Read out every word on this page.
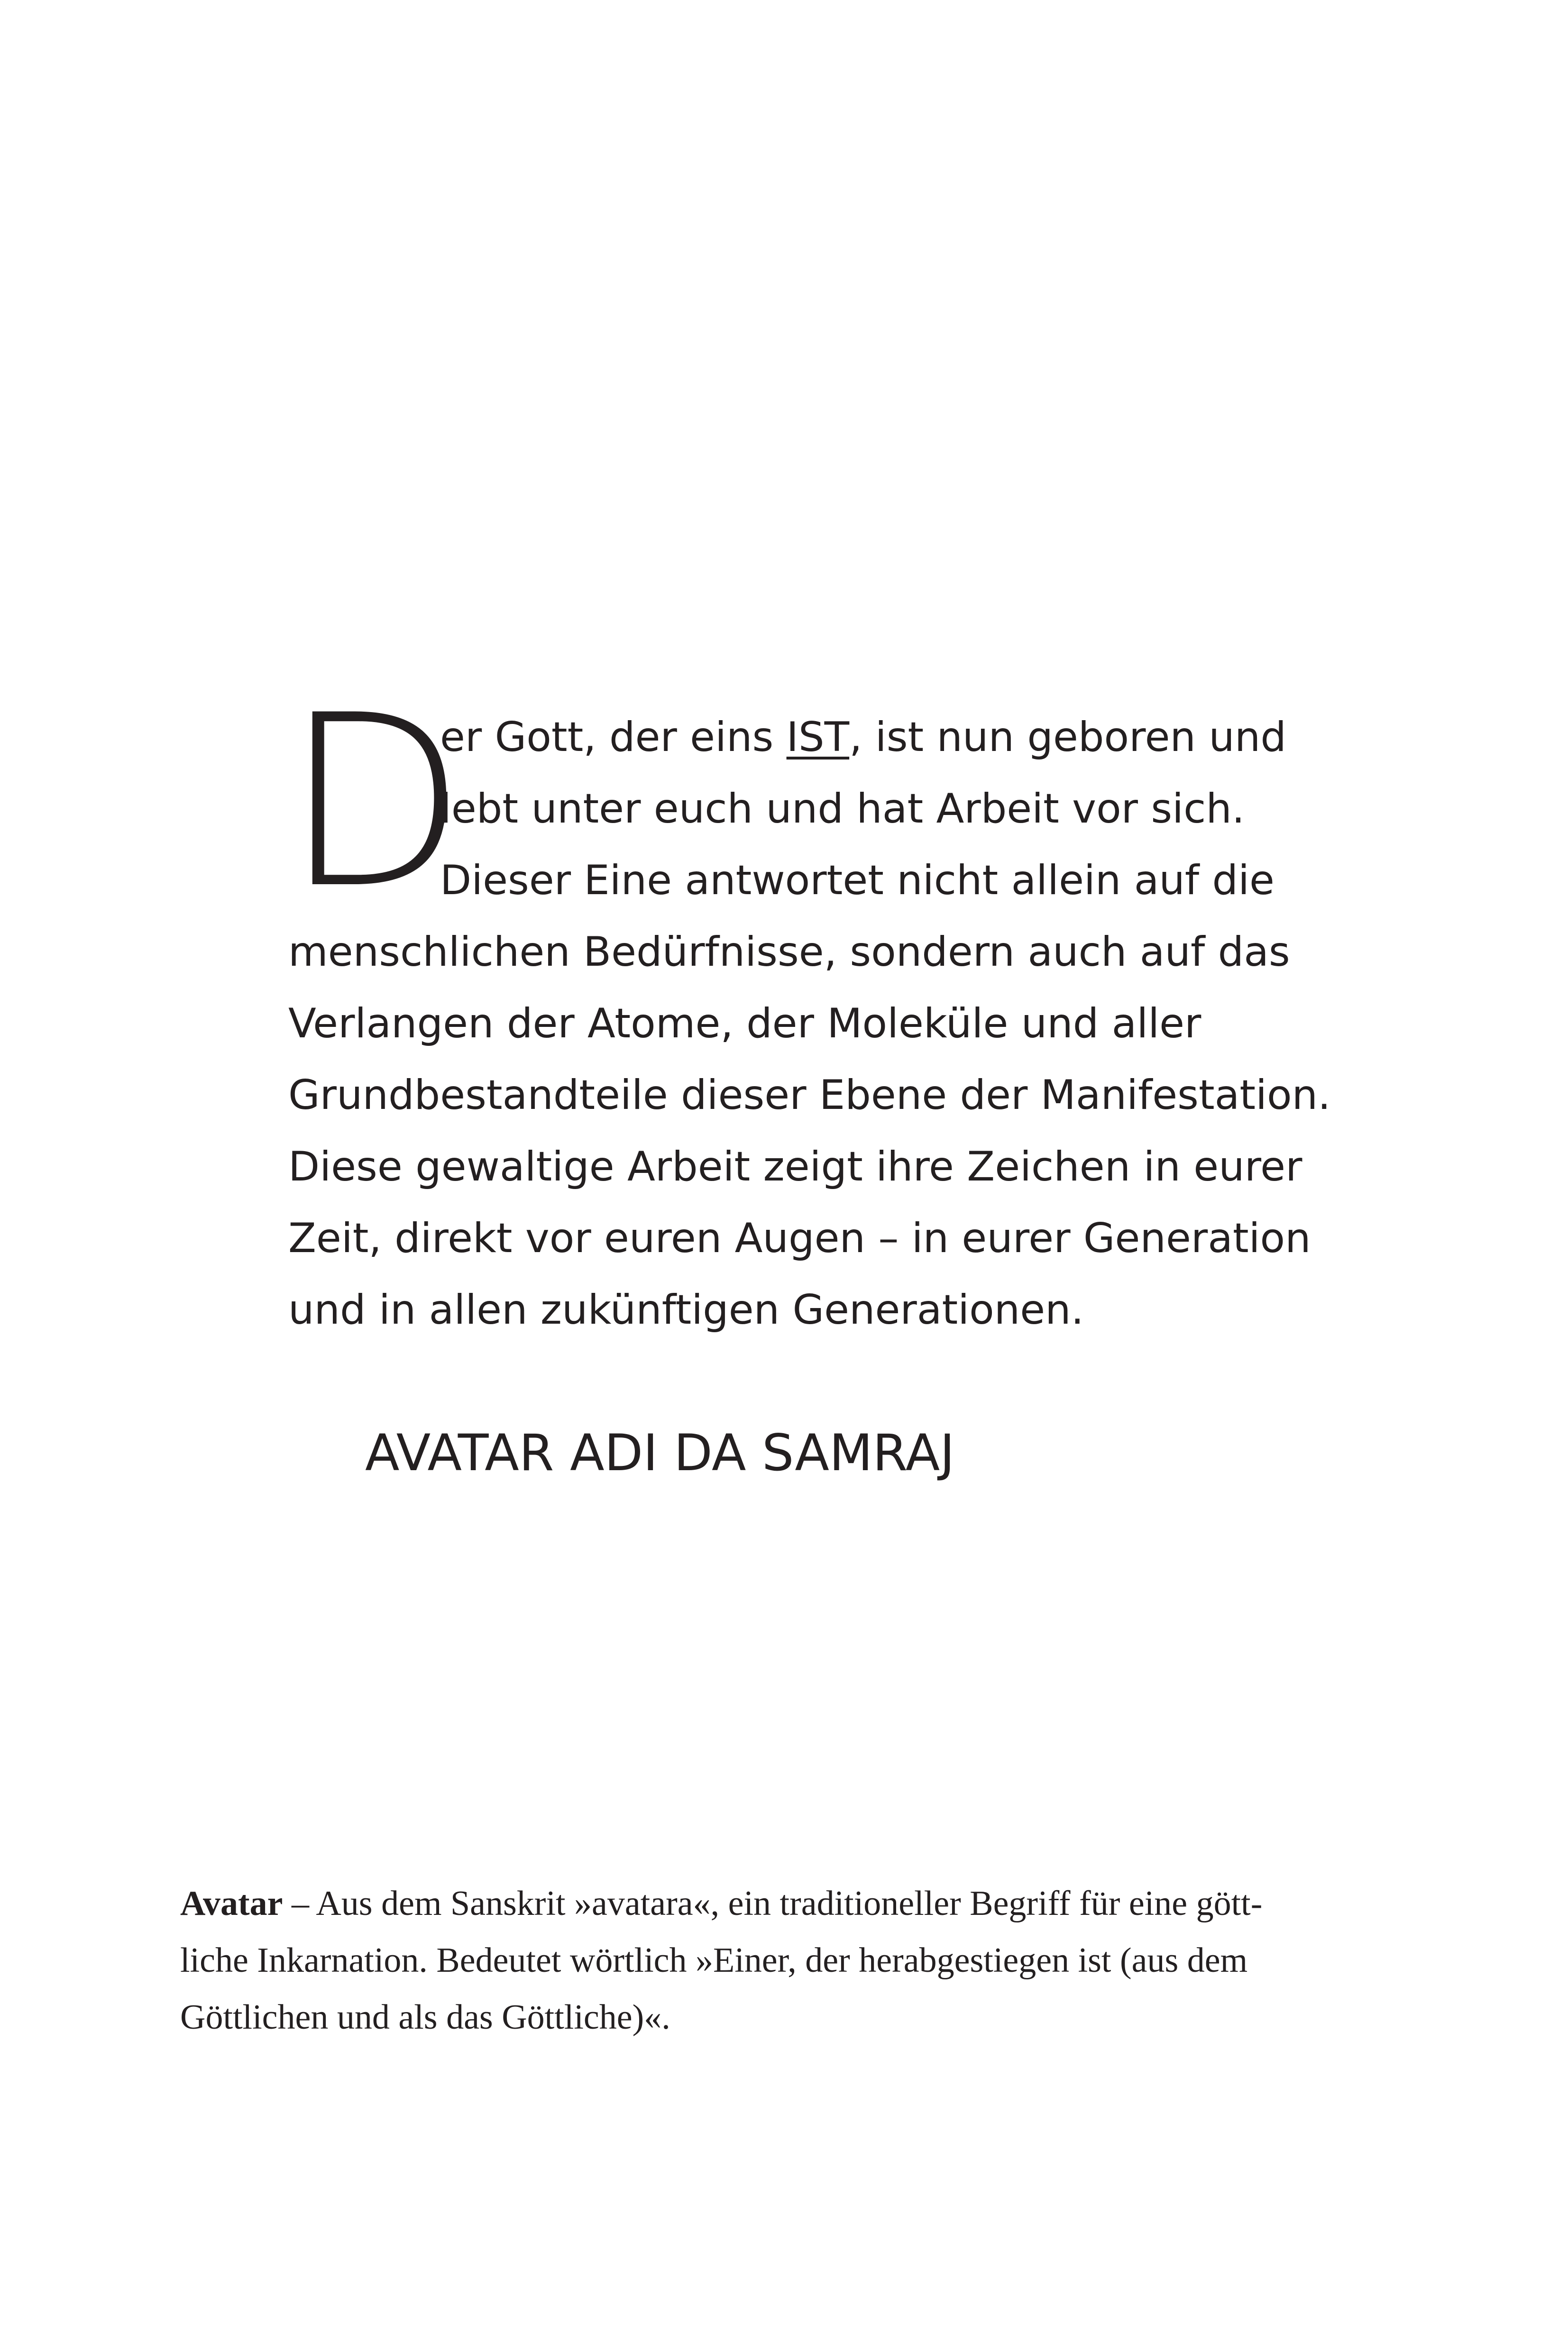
D
er Gott, der eins IST, ist nun geboren und
lebt unter euch und hat Arbeit vor sich.
Dieser Eine antwortet nicht allein auf die
menschlichen Bedürfnisse, sondern auch auf das
Verlangen der Atome, der Moleküle und aller
Grundbestandteile dieser Ebene der Manifestation.
Diese gewaltige Arbeit zeigt ihre Zeichen in eurer
Zeit, direkt vor euren Augen – in eurer Generation
und in allen zukünftigen Generationen.

AVATAR ADI DA SAMRAJ

Avatar – Aus dem Sanskrit »avatara«, ein traditioneller Begriff für eine gött-
liche Inkarnation. Bedeutet wörtlich »Einer, der herabgestiegen ist (aus dem
Göttlichen und als das Göttliche)«.
